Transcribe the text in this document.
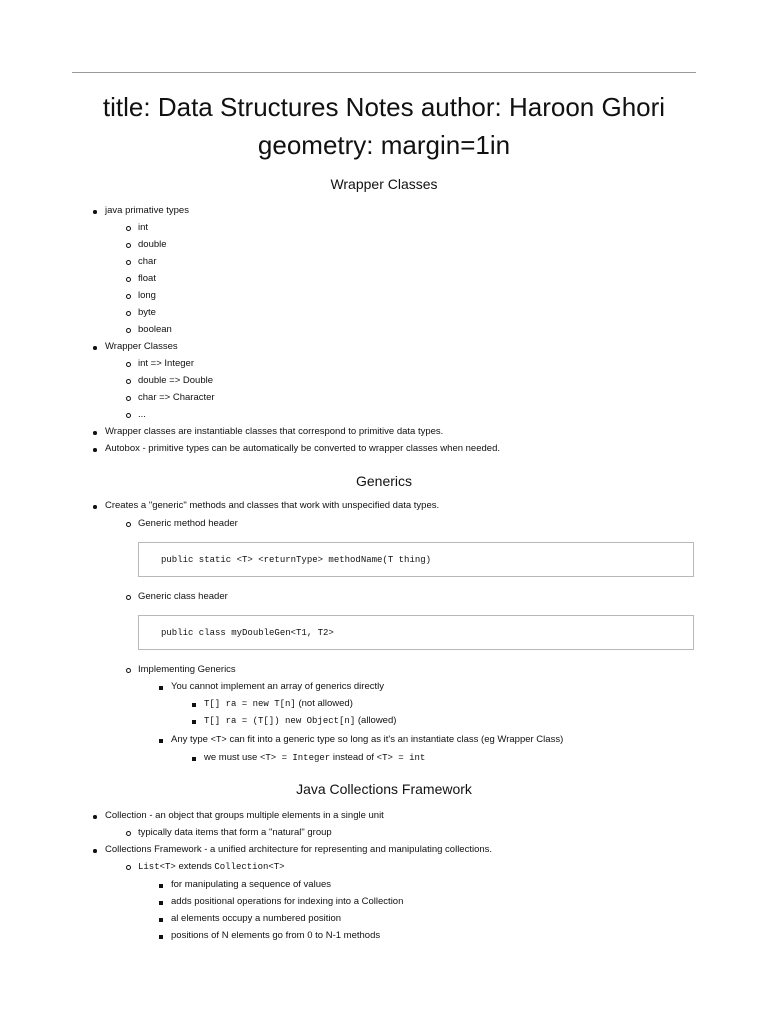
title: Data Structures Notes author: Haroon Ghori geometry: margin=1in
Wrapper Classes
java primative types
int
double
char
float
long
byte
boolean
Wrapper Classes
int => Integer
double => Double
char => Character
...
Wrapper classes are instantiable classes that correspond to primitive data types.
Autobox - primitive types can be automatically be converted to wrapper classes when needed.
Generics
Creates a "generic" methods and classes that work with unspecified data types.
Generic method header
public static <T> <returnType> methodName(T thing)
Generic class header
public class myDoubleGen<T1, T2>
Implementing Generics
You cannot implement an array of generics directly
T[] ra = new T[n] (not allowed)
T[] ra = (T[]) new Object[n] (allowed)
Any type <T> can fit into a generic type so long as it's an instantiate class (eg Wrapper Class)
we must use <T> = Integer instead of <T> = int
Java Collections Framework
Collection - an object that groups multiple elements in a single unit
typically data items that form a "natural" group
Collections Framework - a unified architecture for representing and manipulating collections.
List<T> extends Collection<T>
for manipulating a sequence of values
adds positional operations for indexing into a Collection
al elements occupy a numbered position
positions of N elements go from 0 to N-1 methods
